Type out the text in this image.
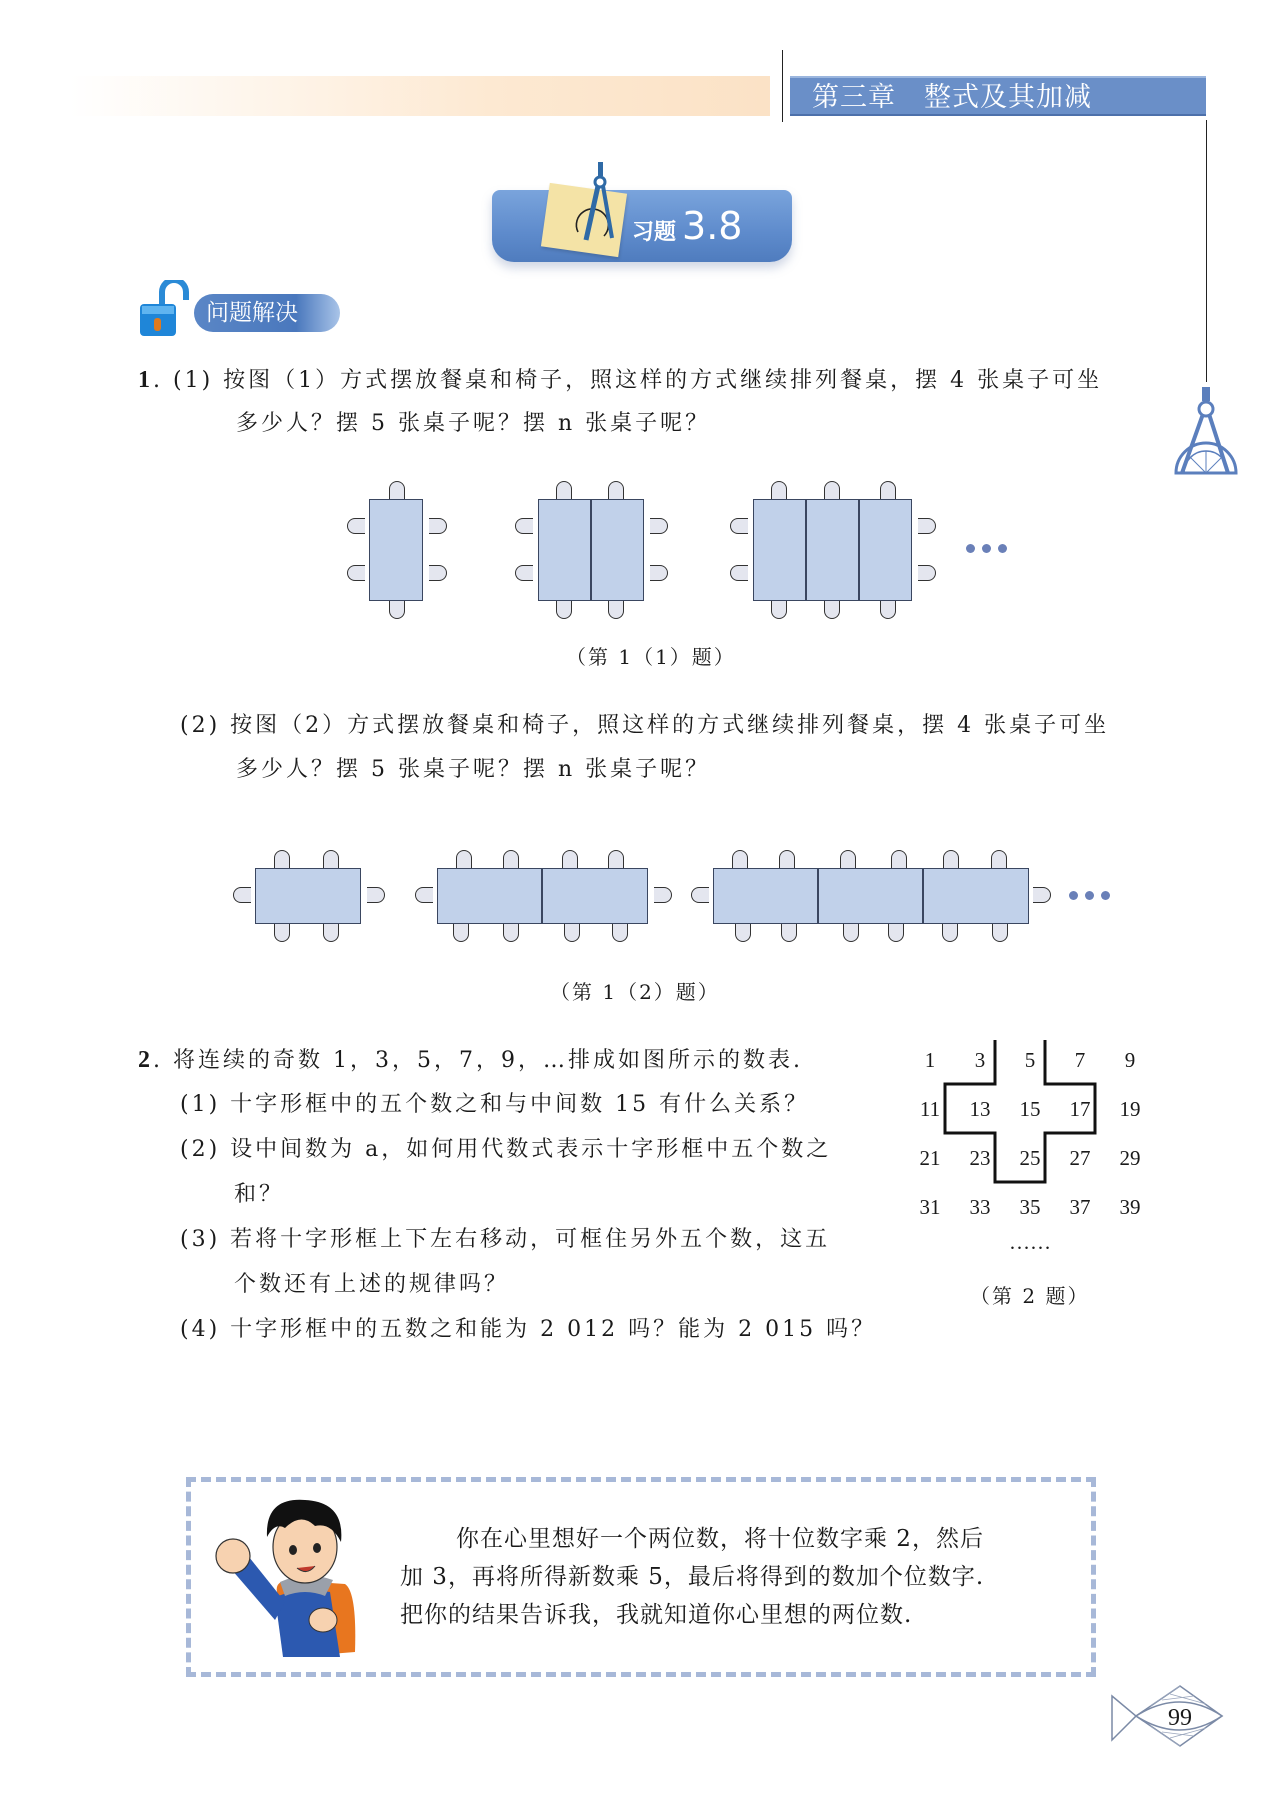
第三章 整式及其加减
习题 3.8
问题解决
1. (1) 按图（1）方式摆放餐桌和椅子，照这样的方式继续排列餐桌，摆 4 张桌子可坐
多少人？摆 5 张桌子呢？摆 n 张桌子呢？
（第 1（1）题）
(2) 按图（2）方式摆放餐桌和椅子，照这样的方式继续排列餐桌，摆 4 张桌子可坐
多少人？摆 5 张桌子呢？摆 n 张桌子呢？
（第 1（2）题）
2. 将连续的奇数 1，3，5，7，9，…排成如图所示的数表.
(1) 十字形框中的五个数之和与中间数 15 有什么关系？
(2) 设中间数为 a，如何用代数式表示十字形框中五个数之
和？
(3) 若将十字形框上下左右移动，可框住另外五个数，这五
个数还有上述的规律吗？
(4) 十字形框中的五数之和能为 2 012 吗？能为 2 015 吗？
1	3	5	7	9
11	13	15	17	19
21	23	25	27	29
31	33	35	37	39
……
（第 2 题）
你在心里想好一个两位数，将十位数字乘 2，然后
加 3，再将所得新数乘 5，最后将得到的数加个位数字.
把你的结果告诉我，我就知道你心里想的两位数.
99
